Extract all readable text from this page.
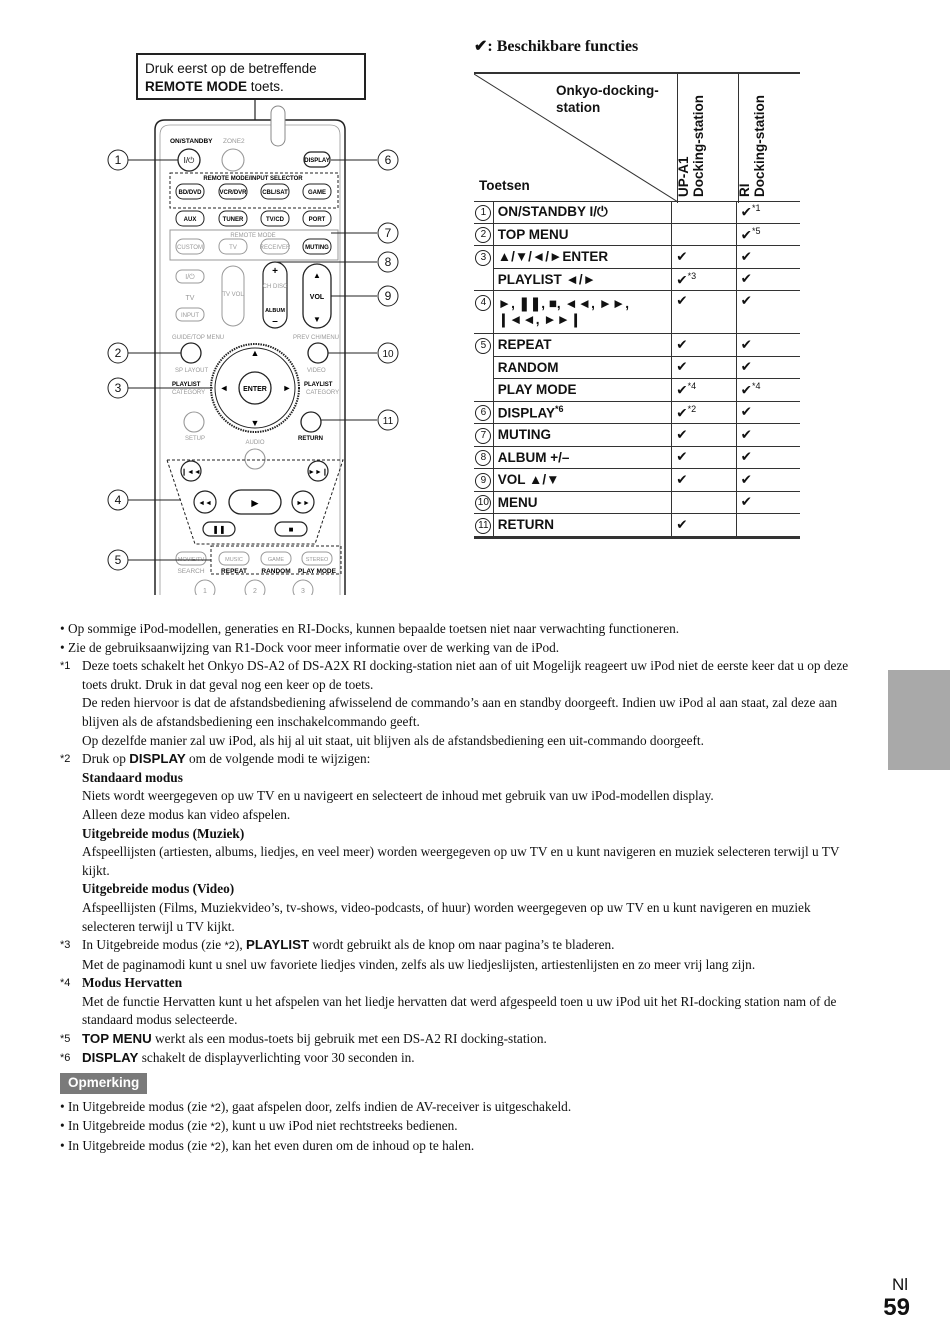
Druk eerst op de betreffende
REMOTE MODE toets.
ON/STANDBY ZONE2
I/⏻	DISPLAY
REMOTE MODE/INPUT SELECTOR
BD/DVD	VCR/DVR	CBL/SAT	GAME
AUX	TUNER	TV/CD	PORT
REMOTE MODE
CUSTOM	TV	RECEIVER MUTING
I/⏻
TV
INPUT
TV VOL
+
CH DISC
ALBUM
–
▲
VOL
▼
GUIDE/TOP MENU	PREV CH/MENU
SP LAYOUT	VIDEO
ENTER
▲
▼
◄	►
PLAYLIST
CATEGORY
PLAYLIST
CATEGORY
SETUP	RETURN
AUDIO
❙◄◄	►►❙
◄◄	►	►►
❚❚	■
MOVIE/TV	MUSIC	GAME	STEREO
SEARCH	REPEAT RANDOM PLAY MODE
1	2	3
1
2
3
4
5
6
7
8
9
10
11
✔: Beschikbare functies
Onkyo-docking-
station
Toetsen	UP-A1
Docking-station RI
Docking-station
1	ON/STANDBY I/⏻		✔$^{*1}$
2	TOP MENU		✔$^{*5}$
3	▲/▼/◄/►ENTER	✔	✔
	PLAYLIST ◄/►	✔$^{*3}$	✔
4	►, ❚❚, ■, ◄◄, ►►, ❙◄◄, ►►❙	✔	✔
5	REPEAT	✔	✔
	RANDOM	✔	✔
	PLAY MODE	✔$^{*4}$	✔$^{*4}$
6	DISPLAY$^{*6}$	✔$^{*2}$	✔
7	MUTING	✔	✔
8	ALBUM +/–	✔	✔
9	VOL ▲/▼	✔	✔
10	MENU		✔
11	RETURN	✔	
• Op sommige iPod-modellen, generaties en RI-Docks, kunnen bepaalde toetsen niet naar verwachting functioneren.
• Zie de gebruiksaanwijzing van R1-Dock voor meer informatie over de werking van de iPod.
*1 Deze toets schakelt het Onkyo DS-A2 of DS-A2X RI docking-station niet aan of uit Mogelijk reageert uw iPod niet de eerste keer dat u op deze toets drukt. Druk in dat geval nog een keer op de toets.
De reden hiervoor is dat de afstandsbediening afwisselend de commando’s aan en standby doorgeeft. Indien uw iPod al aan staat, zal deze aan blijven als de afstandsbediening een inschakelcommando geeft.
Op dezelfde manier zal uw iPod, als hij al uit staat, uit blijven als de afstandsbediening een uit-commando doorgeeft.
*2 Druk op DISPLAY om de volgende modi te wijzigen:
Standaard modus
Niets wordt weergegeven op uw TV en u navigeert en selecteert de inhoud met gebruik van uw iPod-modellen display.
Alleen deze modus kan video afspelen.
Uitgebreide modus (Muziek)
Afspeellijsten (artiesten, albums, liedjes, en veel meer) worden weergegeven op uw TV en u kunt navigeren en muziek selecteren terwijl u TV kijkt.
Uitgebreide modus (Video)
Afspeellijsten (Films, Muziekvideo’s, tv-shows, video-podcasts, of huur) worden weergegeven op uw TV en u kunt navigeren en muziek selecteren terwijl u TV kijkt.
*3 In Uitgebreide modus (zie *2), PLAYLIST wordt gebruikt als de knop om naar pagina’s te bladeren.
Met de paginamodi kunt u snel uw favoriete liedjes vinden, zelfs als uw liedjeslijsten, artiestenlijsten en zo meer vrij lang zijn.
*4 Modus Hervatten
Met de functie Hervatten kunt u het afspelen van het liedje hervatten dat werd afgespeeld toen u uw iPod uit het RI-docking station nam of de standaard modus selecteerde.
*5 TOP MENU werkt als een modus-toets bij gebruik met een DS-A2 RI docking-station.
*6 DISPLAY schakelt de displayverlichting voor 30 seconden in.
Opmerking
• In Uitgebreide modus (zie *2), gaat afspelen door, zelfs indien de AV-receiver is uitgeschakeld.
• In Uitgebreide modus (zie *2), kunt u uw iPod niet rechtstreeks bedienen.
• In Uitgebreide modus (zie *2), kan het even duren om de inhoud op te halen.
Nl
59
